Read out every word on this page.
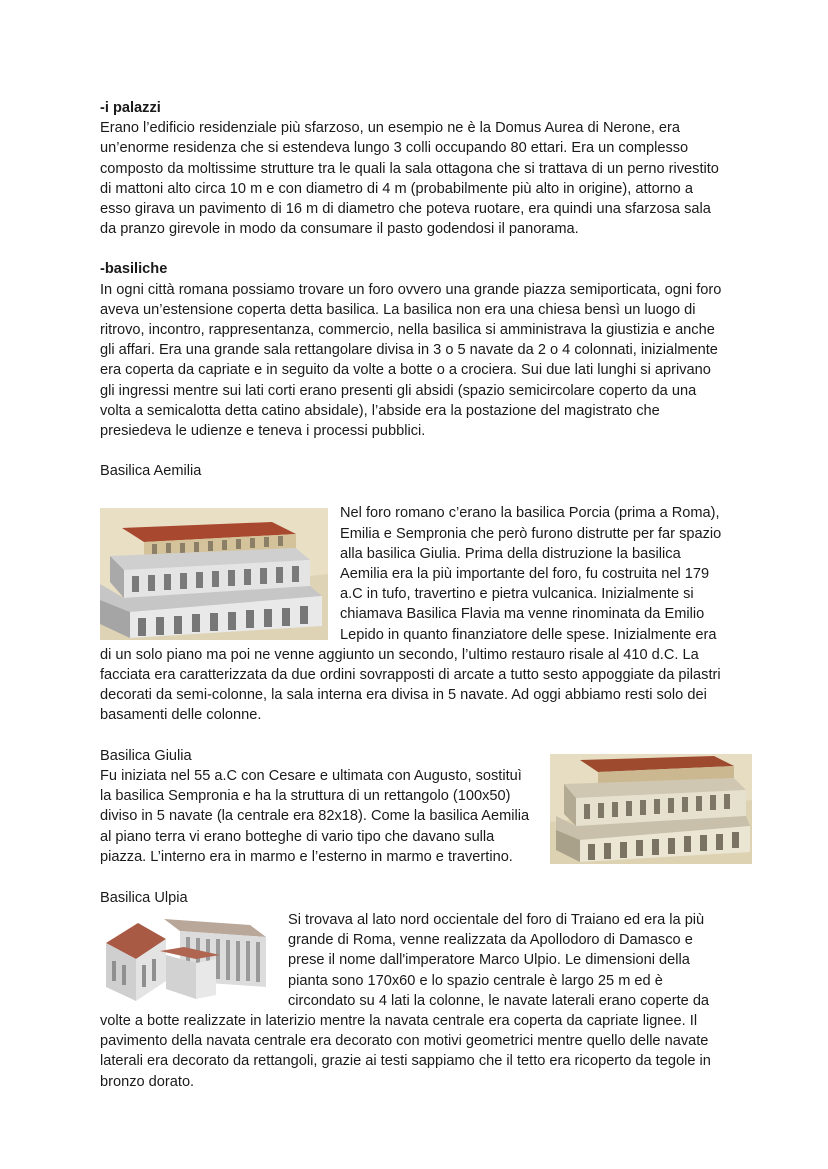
-i palazzi

Erano l’edificio residenziale più sfarzoso, un esempio ne è la Domus Aurea di Nerone, era un’enorme residenza che si estendeva lungo 3 colli occupando 80 ettari. Era un complesso composto da moltissime strutture tra le quali la sala ottagona che si trattava di un perno rivestito di mattoni alto circa 10 m e con diametro di 4 m (probabilmente più alto in origine), attorno a esso girava un pavimento di 16 m di diametro che poteva ruotare, era quindi una sfarzosa sala da pranzo girevole in modo da consumare il pasto godendosi il panorama.

-basiliche

In ogni città romana possiamo trovare un foro ovvero una grande piazza semiporticata, ogni foro aveva un’estensione coperta detta basilica. La basilica non era una chiesa bensì un luogo di ritrovo, incontro, rappresentanza, commercio, nella basilica si amministrava la giustizia e anche gli affari. Era una grande sala rettangolare divisa in 3 o 5 navate da 2 o 4 colonnati, inizialmente era coperta da capriate e in seguito da volte a botte o a crociera. Sui due lati lunghi si aprivano gli ingressi mentre sui lati corti erano presenti gli absidi (spazio semicircolare coperto da una volta a semicalotta detta catino absidale), l’abside era la postazione del magistrato che presiedeva le udienze e teneva i processi pubblici.

Basilica Aemilia

Nel foro romano c’erano la basilica Porcia (prima a Roma), Emilia e Sempronia che però furono distrutte per far spazio alla basilica Giulia. Prima della distruzione la basilica Aemilia era la più importante del foro, fu costruita nel 179 a.C in tufo, travertino e pietra vulcanica. Inizialmente si chiamava Basilica Flavia ma venne rinominata da Emilio Lepido in quanto finanziatore delle spese. Inizialmente era di un solo piano ma poi ne venne aggiunto un secondo, l’ultimo restauro risale al 410 d.C. La facciata era caratterizzata da due ordini sovrapposti di arcate a tutto sesto appoggiate da pilastri decorati da semi-colonne, la sala interna era divisa in 5 navate. Ad oggi abbiamo resti solo dei basamenti delle colonne.

Basilica Giulia

Fu iniziata nel 55 a.C con Cesare e ultimata con Augusto, sostituì la basilica Sempronia e ha la struttura di un rettangolo (100x50) diviso in 5 navate (la centrale era 82x18). Come la basilica Aemilia al piano terra vi erano botteghe di vario tipo che davano sulla piazza. L’interno era in marmo e l’esterno in marmo e travertino.

Basilica Ulpia

Si trovava al lato nord occientale del foro di Traiano ed era la più grande di Roma, venne realizzata da Apollodoro di Damasco e prese il nome dall'imperatore Marco Ulpio. Le dimensioni della pianta sono 170x60 e lo spazio centrale è largo 25 m ed è circondato su 4 lati la colonne, le navate laterali erano coperte da volte a botte realizzate in laterizio mentre la navata centrale era coperta da capriate lignee. Il pavimento della navata centrale era decorato con motivi geometrici mentre quello delle navate laterali era decorato da rettangoli, grazie ai testi sappiamo che il tetto era ricoperto da tegole in bronzo dorato.
